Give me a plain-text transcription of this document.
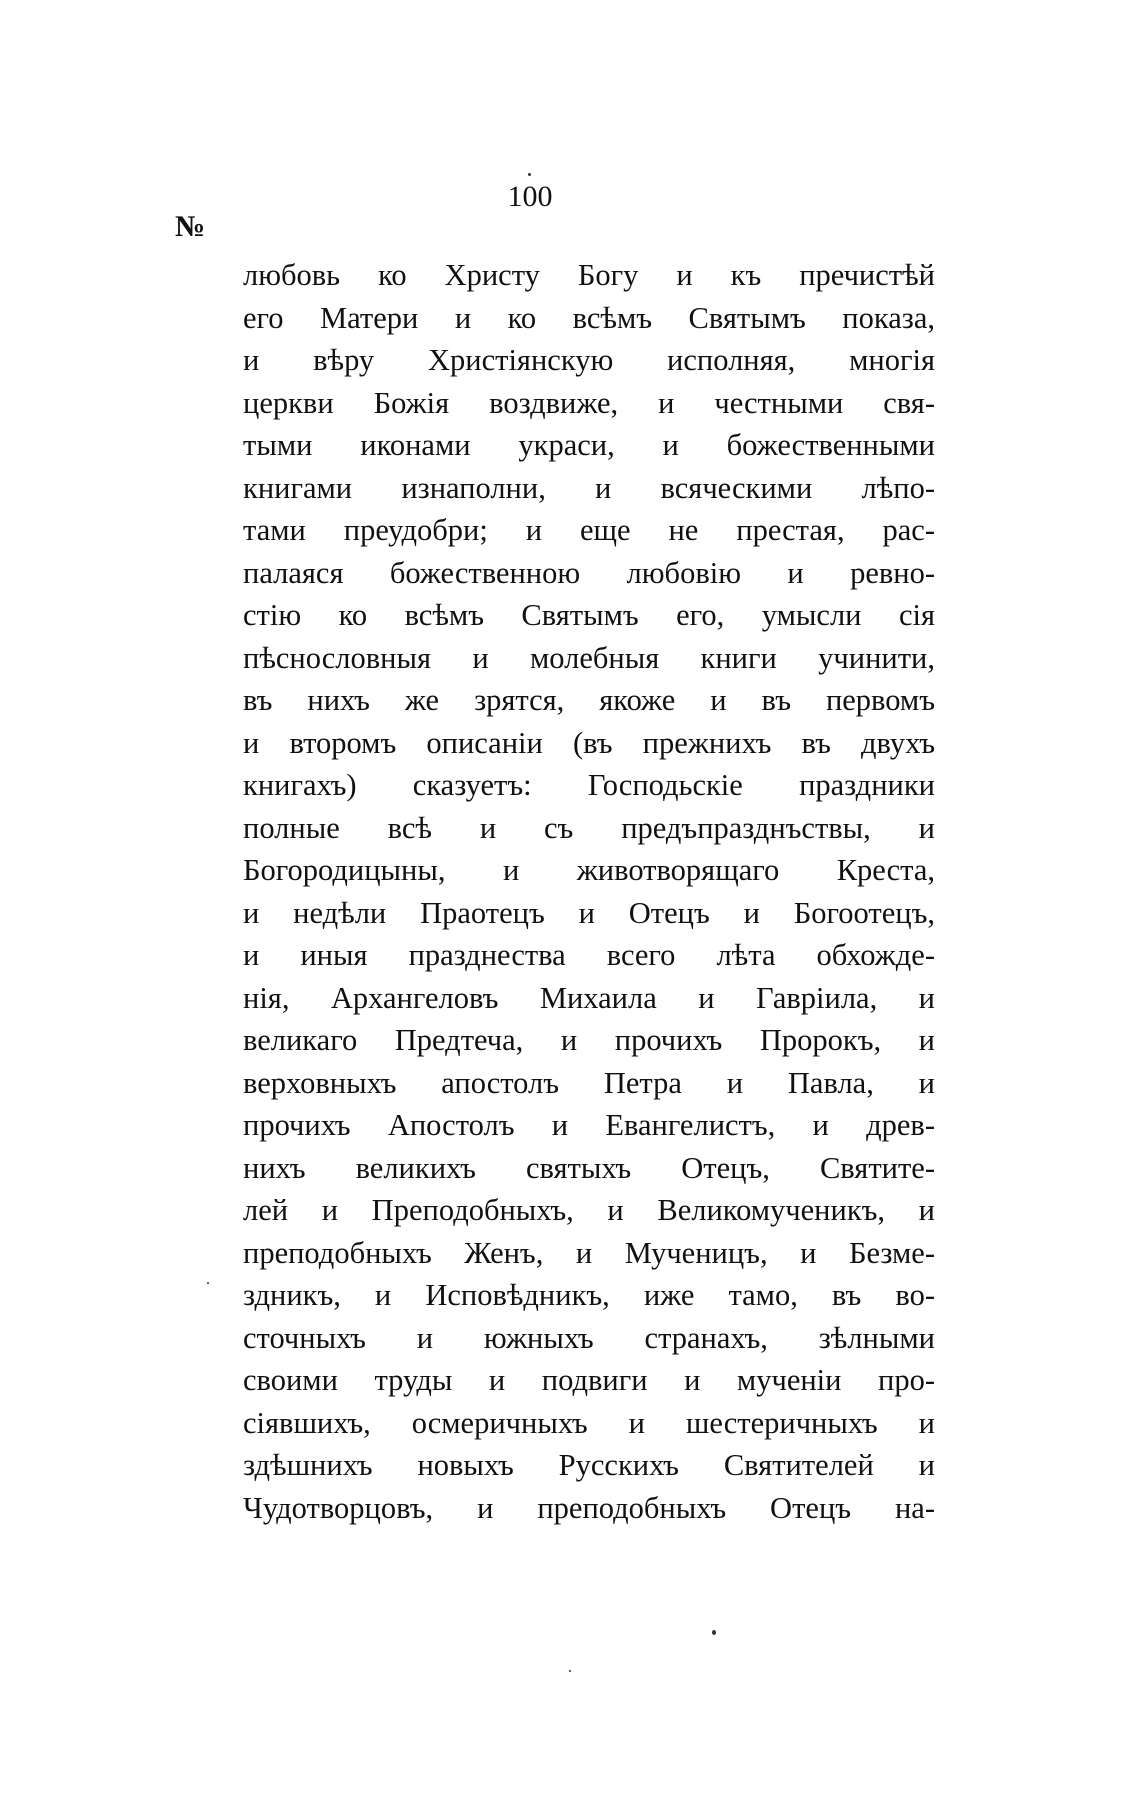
100
№
любовь ко Христу Богу и къ пречистѣй
его Матери и ко всѣмъ Святымъ показа,
и вѣру Христіянскую исполняя, многія
церкви Божія воздвиже, и честными свя-
тыми иконами украси, и божественными
книгами изнаполни, и всяческими лѣпо-
тами преудобри; и еще не престая, рас-
палаяся божественною любовію и ревно-
стію ко всѣмъ Святымъ его, умысли сія
пѣснословныя и молебныя книги учинити,
въ нихъ же зрятся, якоже и въ первомъ
и второмъ описаніи (въ прежнихъ въ двухъ
книгахъ) сказуетъ: Господьскіе праздники
полные всѣ и съ предъпразднъствы, и
Богородицыны, и животворящаго Креста,
и недѣли Праотецъ и Отецъ и Богоотецъ,
и иныя празднества всего лѣта обхожде-
нія, Архангеловъ Михаила и Гавріила, и
великаго Предтеча, и прочихъ Пророкъ, и
верховныхъ апостолъ Петра и Павла, и
прочихъ Апостолъ и Евангелистъ, и древ-
нихъ великихъ святыхъ Отецъ, Святите-
лей и Преподобныхъ, и Великомученикъ, и
преподобныхъ Женъ, и Мученицъ, и Безме-
здникъ, и Исповѣдникъ, иже тамо, въ во-
сточныхъ и южныхъ странахъ, зѣлными
своими труды и подвиги и мученіи про-
сіявшихъ, осмеричныхъ и шестеричныхъ и
здѣшнихъ новыхъ Русскихъ Святителей и
Чудотворцовъ, и преподобныхъ Отецъ на-
